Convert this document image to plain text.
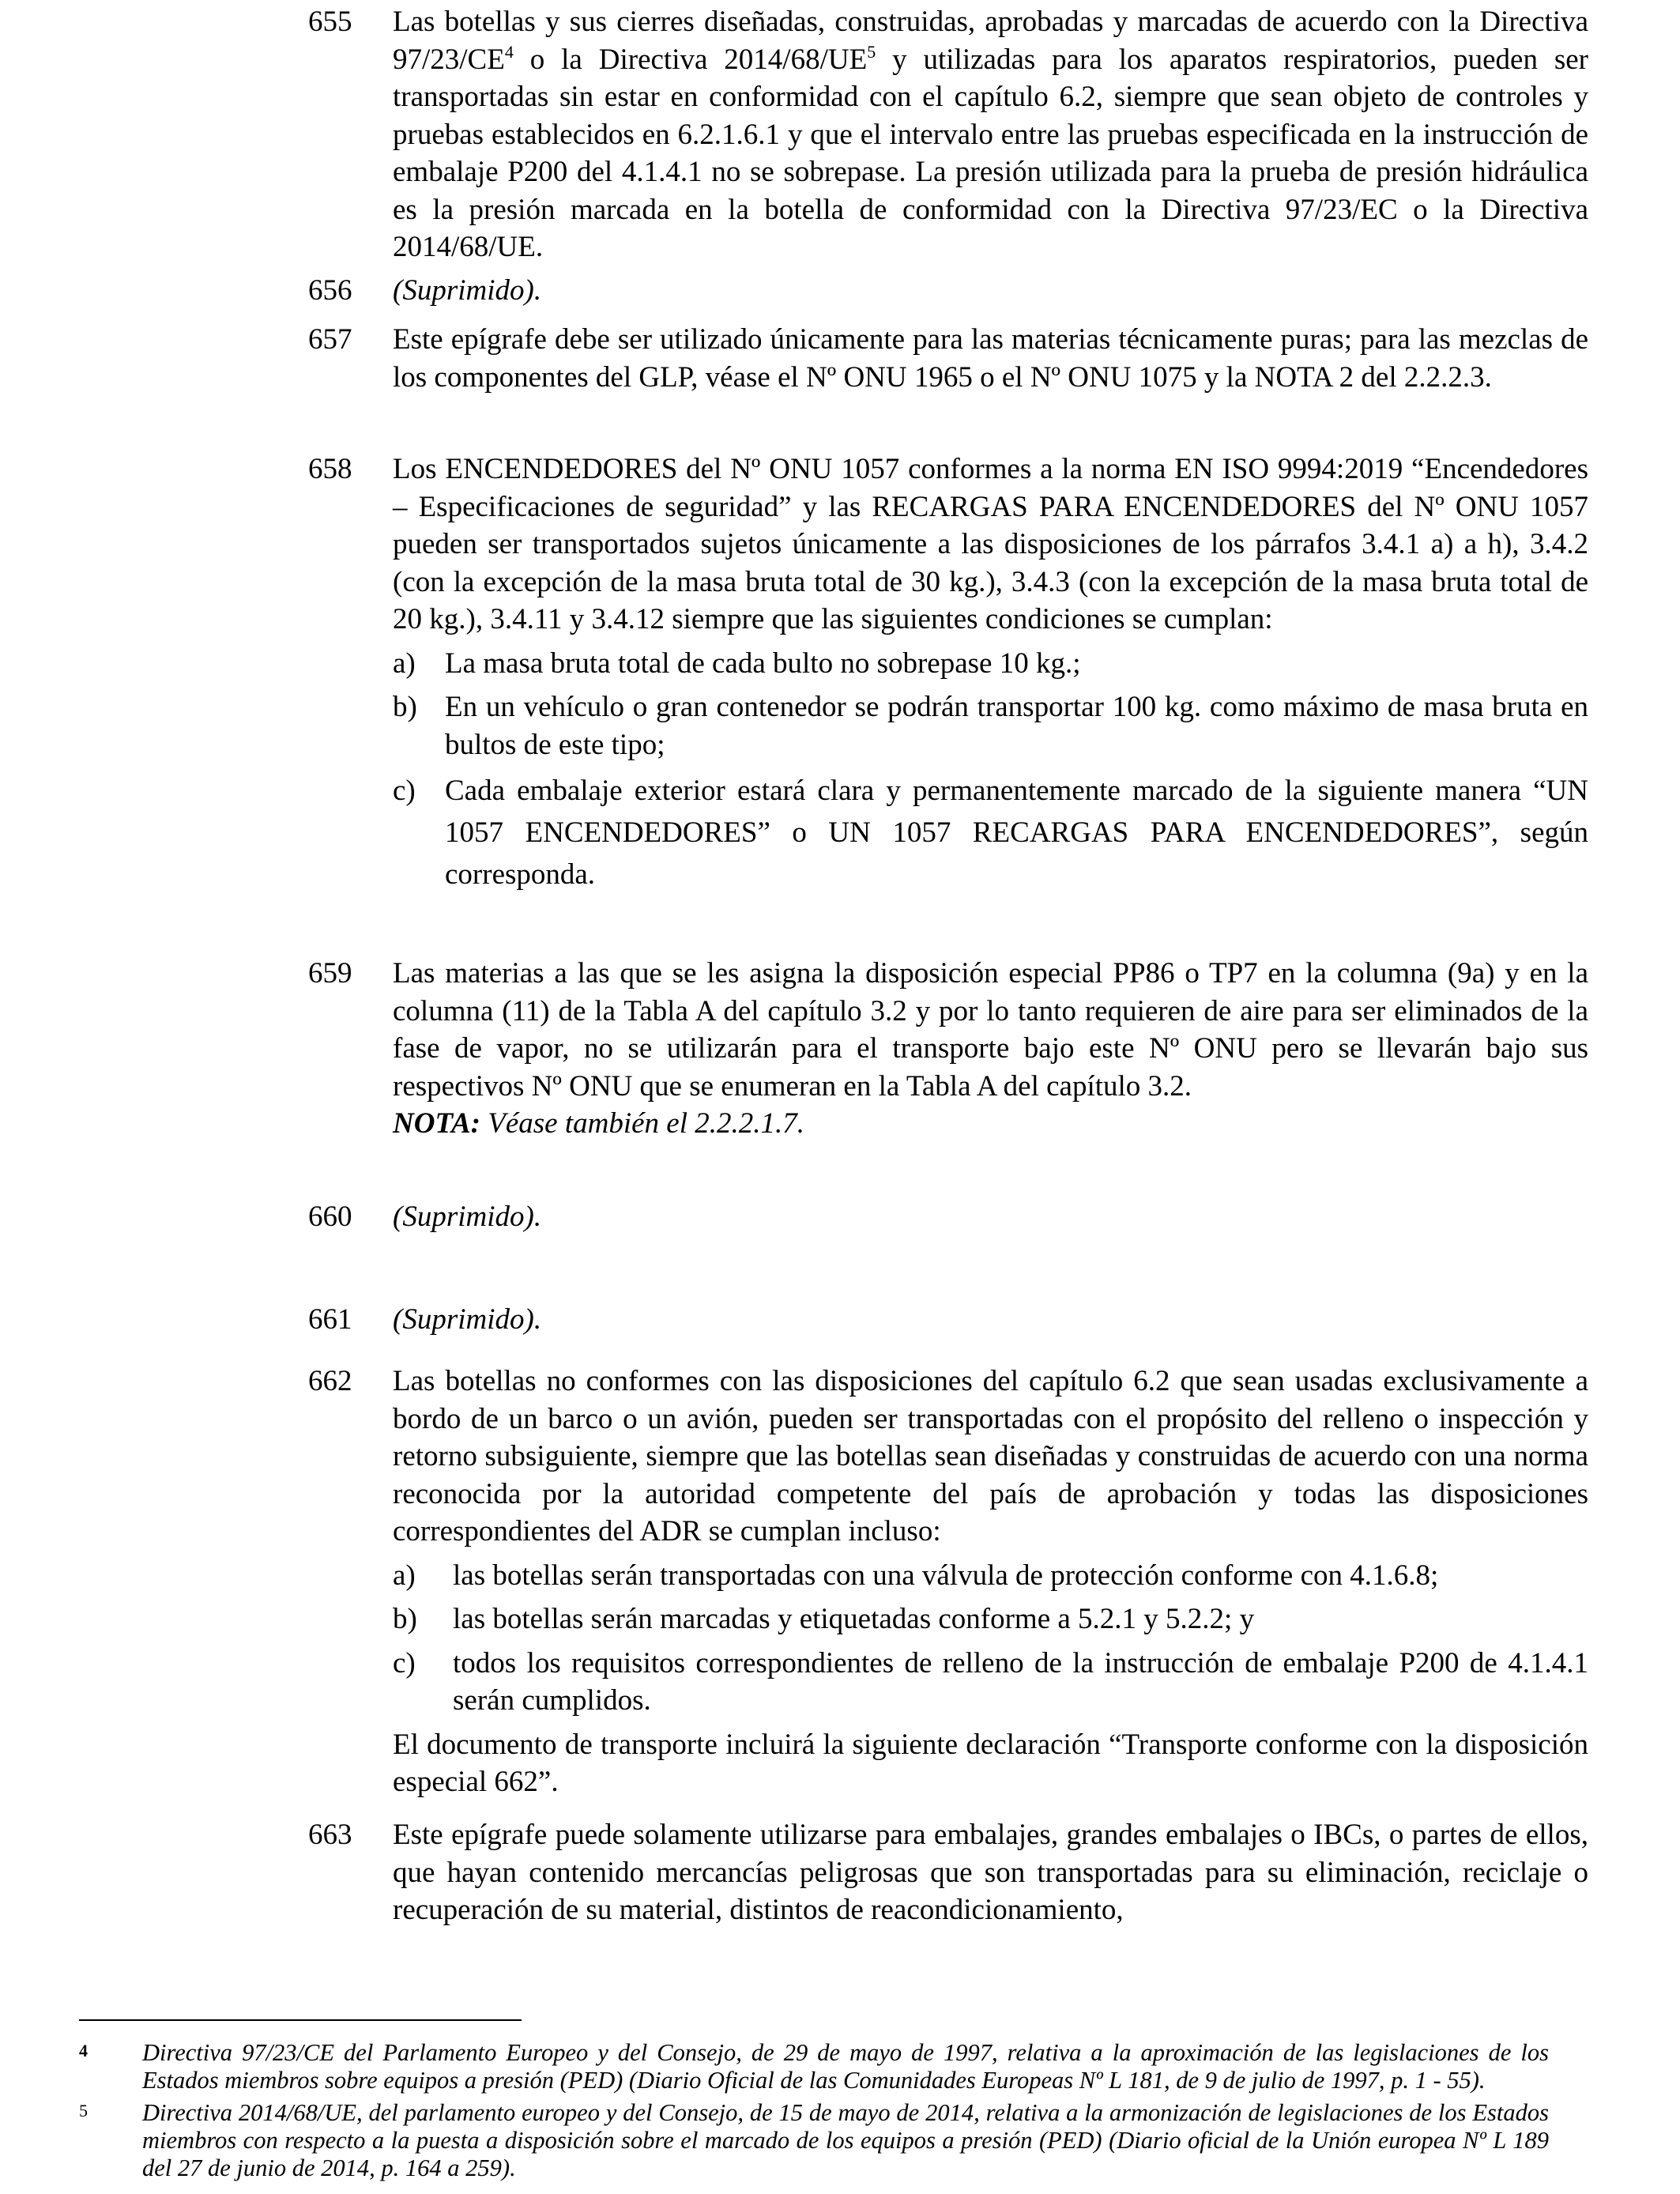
655 Las botellas y sus cierres diseñadas, construidas, aprobadas y marcadas de acuerdo con la Directiva $97/23/CE^4$ o la Directiva $2014/68/UE^5$ y utilizadas para los aparatos respiratorios, pueden ser transportadas sin estar en conformidad con el capítulo 6.2, siempre que sean objeto de controles y pruebas establecidos en 6.2.1.6.1 y que el intervalo entre las pruebas especificada en la instrucción de embalaje P200 del 4.1.4.1 no se sobrepase. La presión utilizada para la prueba de presión hidráulica es la presión marcada en la botella de conformidad con la Directiva 97/23/EC o la Directiva 2014/68/UE.

656 (Suprimido).

657 Este epígrafe debe ser utilizado únicamente para las materias técnicamente puras; para las mezclas de los componentes del GLP, véase el Nº ONU 1965 o el Nº ONU 1075 y la NOTA 2 del 2.2.2.3.

658 Los ENCENDEDORES del Nº ONU 1057 conformes a la norma EN ISO 9994:2019 “Encendedores – Especificaciones de seguridad” y las RECARGAS PARA ENCENDEDORES del Nº ONU 1057 pueden ser transportados sujetos únicamente a las disposiciones de los párrafos 3.4.1 a) a h), 3.4.2 (con la excepción de la masa bruta total de 30 kg.), 3.4.3 (con la excepción de la masa bruta total de 20 kg.), 3.4.11 y 3.4.12 siempre que las siguientes condiciones se cumplan:

a) La masa bruta total de cada bulto no sobrepase 10 kg.;
b) En un vehículo o gran contenedor se podrán transportar 100 kg. como máximo de masa bruta en bultos de este tipo;
c) Cada embalaje exterior estará clara y permanentemente marcado de la siguiente manera “UN 1057 ENCENDEDORES” o UN 1057 RECARGAS PARA ENCENDEDORES”, según corresponda.
659 Las materias a las que se les asigna la disposición especial PP86 o TP7 en la columna (9a) y en la columna (11) de la Tabla A del capítulo 3.2 y por lo tanto requieren de aire para ser eliminados de la fase de vapor, no se utilizarán para el transporte bajo este Nº ONU pero se llevarán bajo sus respectivos Nº ONU que se enumeran en la Tabla A del capítulo 3.2.

NOTA: Véase también el 2.2.2.1.7.

660 (Suprimido).

661 (Suprimido).

662 Las botellas no conformes con las disposiciones del capítulo 6.2 que sean usadas exclusivamente a bordo de un barco o un avión, pueden ser transportadas con el propósito del relleno o inspección y retorno subsiguiente, siempre que las botellas sean diseñadas y construidas de acuerdo con una norma reconocida por la autoridad competente del país de aprobación y todas las disposiciones correspondientes del ADR se cumplan incluso:

a) las botellas serán transportadas con una válvula de protección conforme con 4.1.6.8;
b) las botellas serán marcadas y etiquetadas conforme a 5.2.1 y 5.2.2; y
c) todos los requisitos correspondientes de relleno de la instrucción de embalaje P200 de 4.1.4.1 serán cumplidos.

El documento de transporte incluirá la siguiente declaración “Transporte conforme con la disposición especial 662”.

663 Este epígrafe puede solamente utilizarse para embalajes, grandes embalajes o IBCs, o partes de ellos, que hayan contenido mercancías peligrosas que son transportadas para su eliminación, reciclaje o recuperación de su material, distintos de reacondicionamiento,

4 Directiva 97/23/CE del Parlamento Europeo y del Consejo, de 29 de mayo de 1997, relativa a la aproximación de las legislaciones de los Estados miembros sobre equipos a presión (PED) (Diario Oficial de las Comunidades Europeas Nº L 181, de 9 de julio de 1997, p. 1 - 55).
5 Directiva 2014/68/UE, del parlamento europeo y del Consejo, de 15 de mayo de 2014, relativa a la armonización de legislaciones de los Estados miembros con respecto a la puesta a disposición sobre el marcado de los equipos a presión (PED) (Diario oficial de la Unión europea Nº L 189 del 27 de junio de 2014, p. 164 a 259).
